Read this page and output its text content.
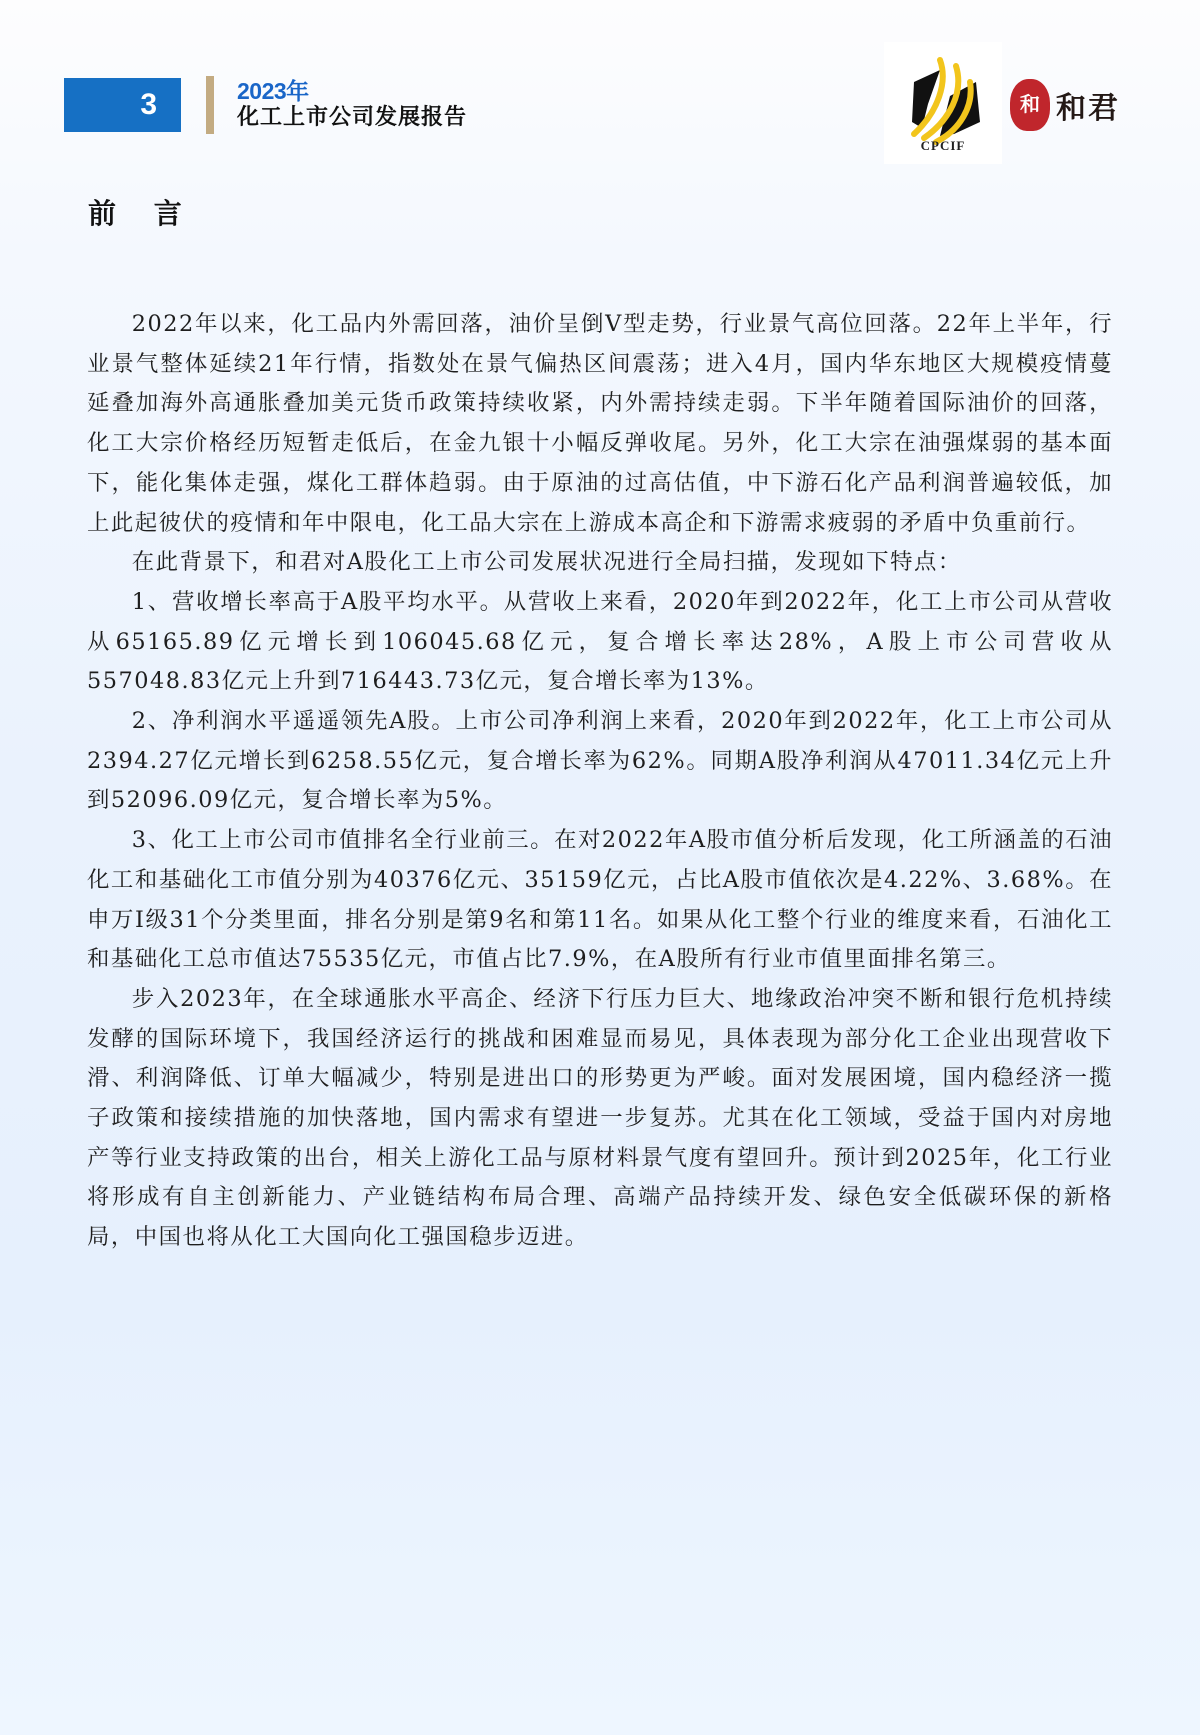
3	2023年
化工上市公司发展报告
CPCIF
和 和君
前 言

2022年以来，化工品内外需回落，油价呈倒V型走势，行业景气高位回落。22年上半年，行业景气整体延续21年行情，指数处在景气偏热区间震荡；进入4月，国内华东地区大规模疫情蔓延叠加海外高通胀叠加美元货币政策持续收紧，内外需持续走弱。下半年随着国际油价的回落，化工大宗价格经历短暂走低后，在金九银十小幅反弹收尾。另外，化工大宗在油强煤弱的基本面下，能化集体走强，煤化工群体趋弱。由于原油的过高估值，中下游石化产品利润普遍较低，加上此起彼伏的疫情和年中限电，化工品大宗在上游成本高企和下游需求疲弱的矛盾中负重前行。

在此背景下，和君对A股化工上市公司发展状况进行全局扫描，发现如下特点：

1、营收增长率高于A股平均水平。从营收上来看，2020年到2022年，化工上市公司从营收从65165.89亿元增长到106045.68亿元，复合增长率达28%，A股上市公司营收从557048.83亿元上升到716443.73亿元，复合增长率为13%。

2、净利润水平遥遥领先A股。上市公司净利润上来看，2020年到2022年，化工上市公司从2394.27亿元增长到6258.55亿元，复合增长率为62%。同期A股净利润从47011.34亿元上升到52096.09亿元，复合增长率为5%。

3、化工上市公司市值排名全行业前三。在对2022年A股市值分析后发现，化工所涵盖的石油化工和基础化工市值分别为40376亿元、35159亿元，占比A股市值依次是4.22%、3.68%。在申万I级31个分类里面，排名分别是第9名和第11名。如果从化工整个行业的维度来看，石油化工和基础化工总市值达75535亿元，市值占比7.9%，在A股所有行业市值里面排名第三。

步入2023年，在全球通胀水平高企、经济下行压力巨大、地缘政治冲突不断和银行危机持续发酵的国际环境下，我国经济运行的挑战和困难显而易见，具体表现为部分化工企业出现营收下滑、利润降低、订单大幅减少，特别是进出口的形势更为严峻。面对发展困境，国内稳经济一揽子政策和接续措施的加快落地，国内需求有望进一步复苏。尤其在化工领域，受益于国内对房地产等行业支持政策的出台，相关上游化工品与原材料景气度有望回升。预计到2025年，化工行业将形成有自主创新能力、产业链结构布局合理、高端产品持续开发、绿色安全低碳环保的新格局，中国也将从化工大国向化工强国稳步迈进。
